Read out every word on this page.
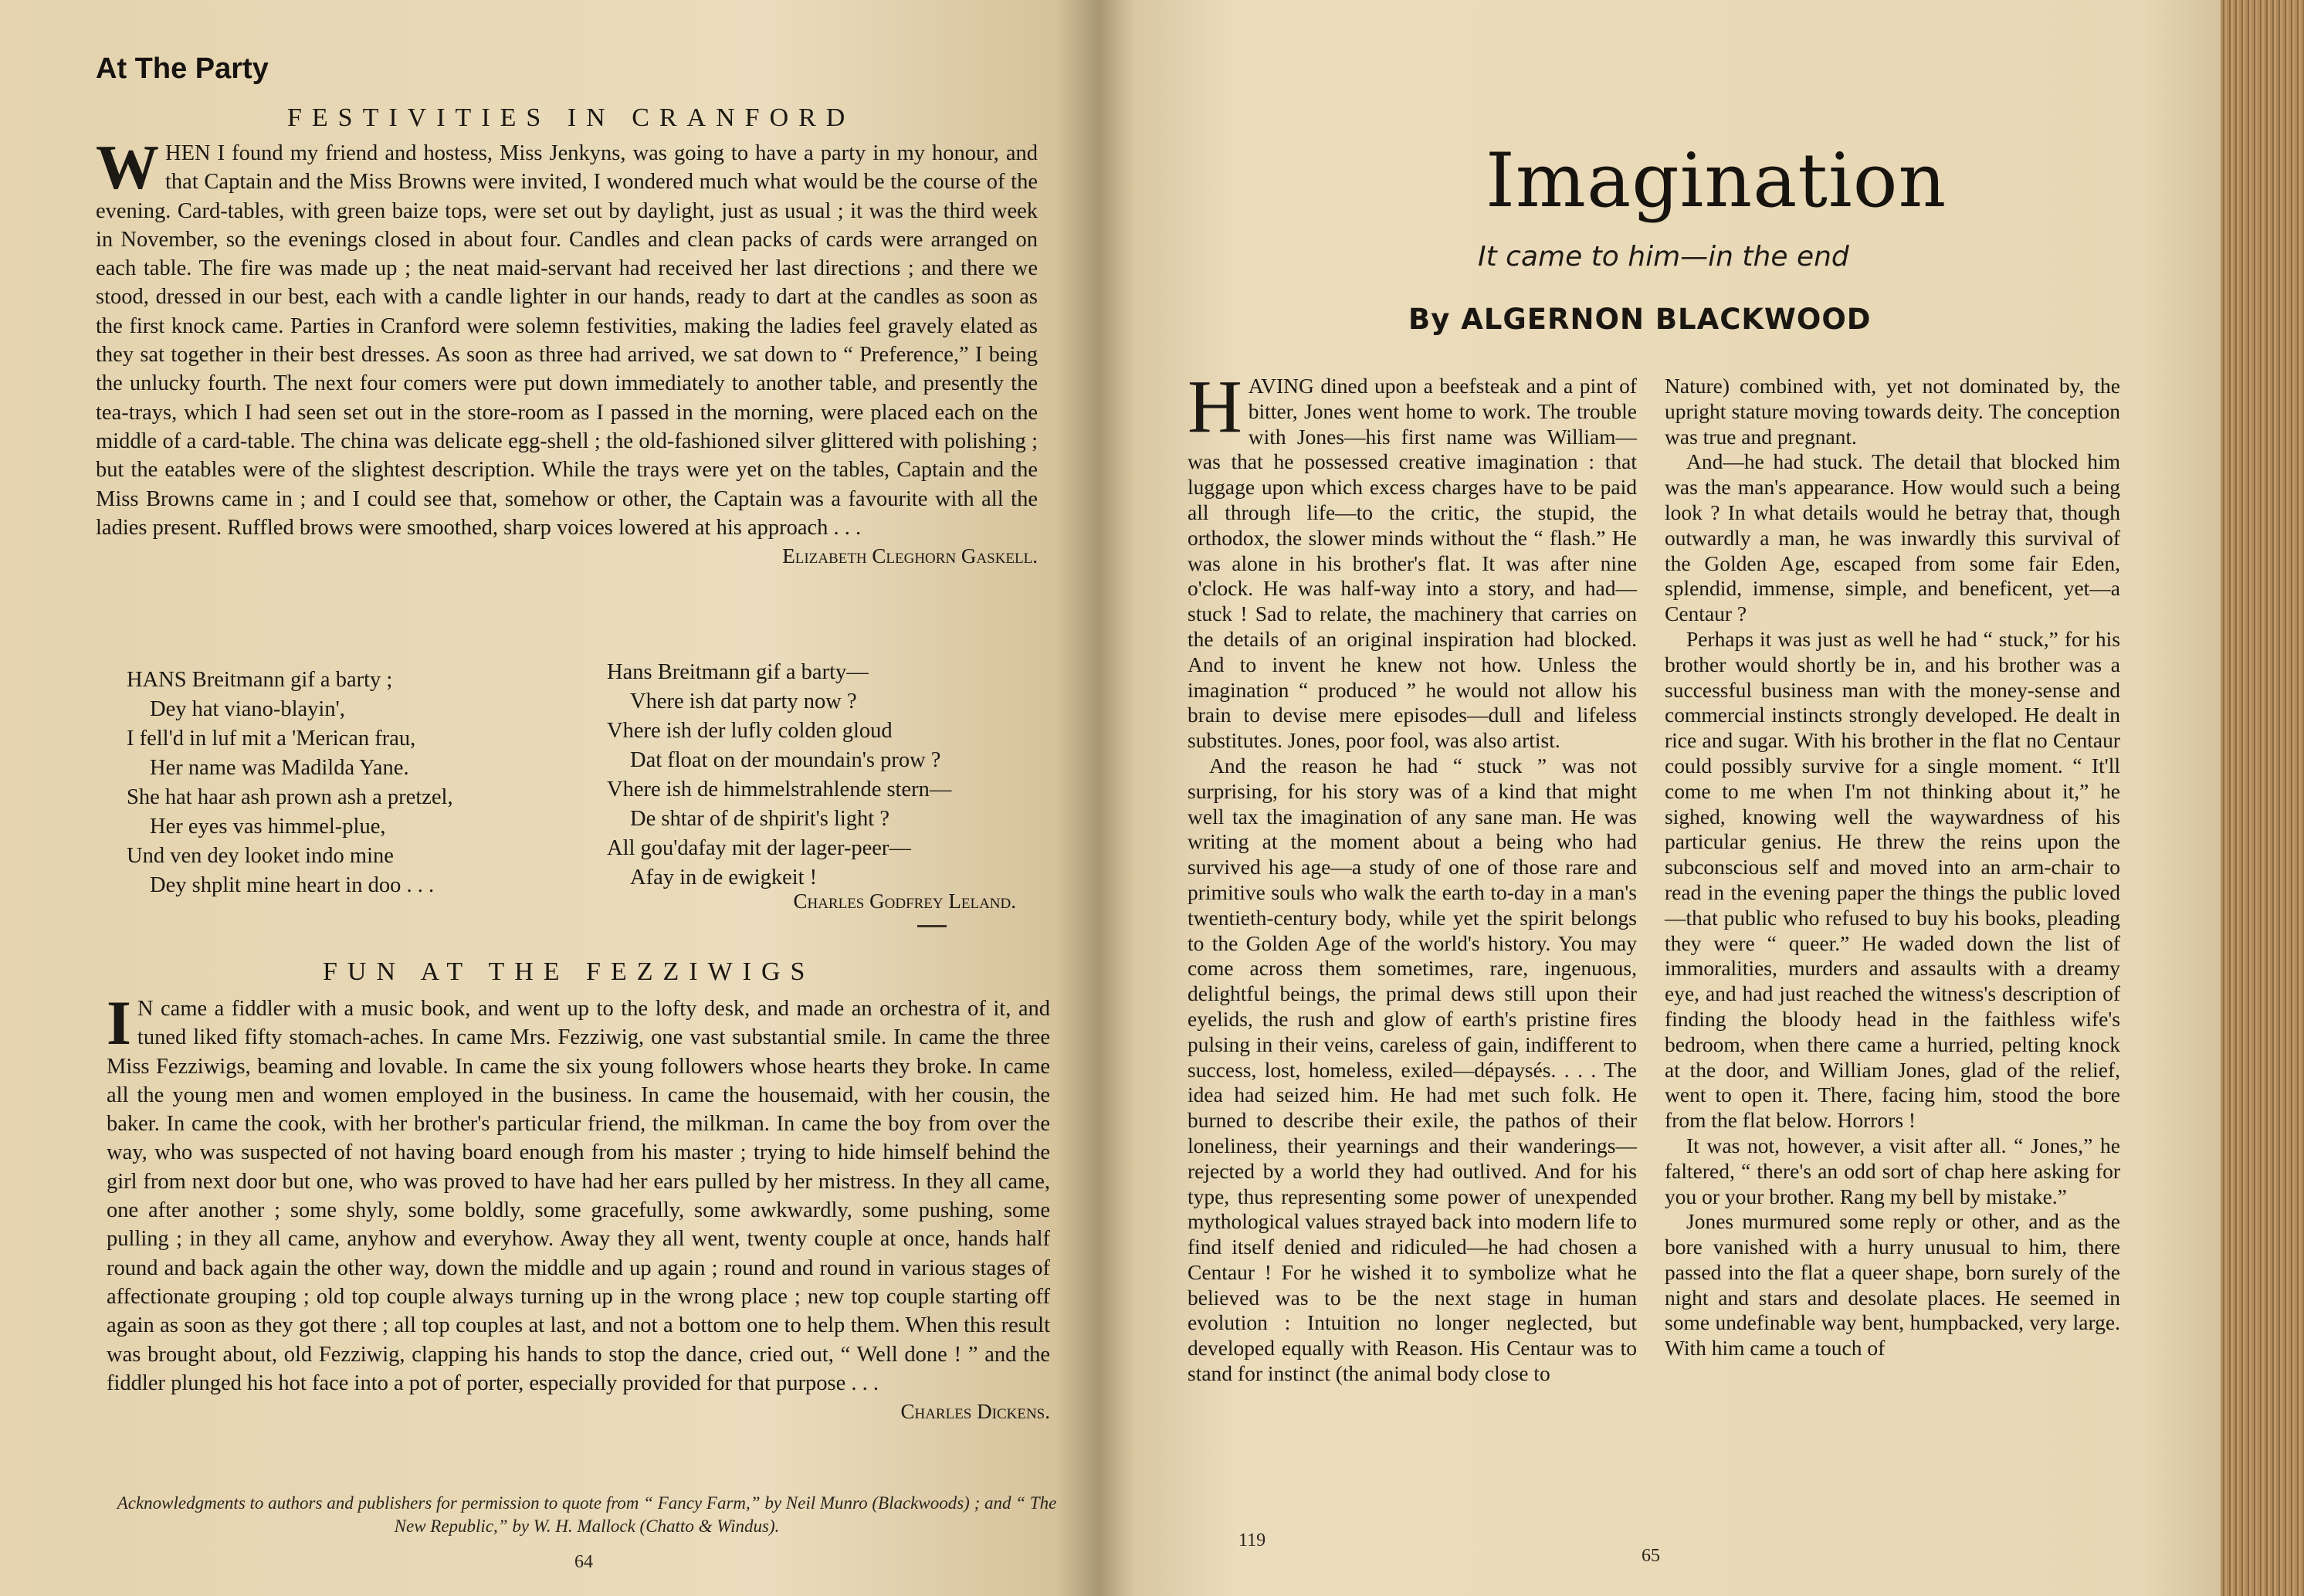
At The Party
FESTIVITIES IN CRANFORD

WHEN I found my friend and hostess, Miss Jenkyns, was going to have a party in my honour, and that Captain and the Miss Browns were invited, I wondered much what would be the course of the evening. Card-tables, with green baize tops, were set out by daylight, just as usual ; it was the third week in November, so the evenings closed in about four. Candles and clean packs of cards were arranged on each table. The fire was made up ; the neat maid-servant had received her last directions ; and there we stood, dressed in our best, each with a candle lighter in our hands, ready to dart at the candles as soon as the first knock came. Parties in Cranford were solemn festivities, making the ladies feel gravely elated as they sat together in their best dresses. As soon as three had arrived, we sat down to “ Preference,” I being the unlucky fourth. The next four comers were put down immediately to another table, and presently the tea-trays, which I had seen set out in the store-room as I passed in the morning, were placed each on the middle of a card-table. The china was delicate egg-shell ; the old-fashioned silver glittered with polishing ; but the eatables were of the slightest description. While the trays were yet on the tables, Captain and the Miss Browns came in ; and I could see that, somehow or other, the Captain was a favourite with all the ladies present. Ruffled brows were smoothed, sharp voices lowered at his approach . . .

Elizabeth Cleghorn Gaskell.
HANS Breitmann gif a barty ;
Dey hat viano-blayin',
I fell'd in luf mit a 'Merican frau,
Her name was Madilda Yane.
She hat haar ash prown ash a pretzel,
Her eyes vas himmel-plue,
Und ven dey looket indo mine
Dey shplit mine heart in doo . . .
Hans Breitmann gif a barty—
Vhere ish dat party now ?
Vhere ish der lufly colden gloud
Dat float on der moundain's prow ?
Vhere ish de himmelstrahlende stern—
De shtar of de shpirit's light ?
All gou'dafay mit der lager-peer—
Afay in de ewigkeit !
Charles Godfrey Leland.
FUN AT THE FEZZIWIGS

I N came a fiddler with a music book, and went up to the lofty desk, and made an orchestra of it, and tuned liked fifty stomach-aches. In came Mrs. Fezziwig, one vast substantial smile. In came the three Miss Fezziwigs, beaming and lovable. In came the six young followers whose hearts they broke. In came all the young men and women employed in the business. In came the housemaid, with her cousin, the baker. In came the cook, with her brother's particular friend, the milkman. In came the boy from over the way, who was suspected of not having board enough from his master ; trying to hide himself behind the girl from next door but one, who was proved to have had her ears pulled by her mistress. In they all came, one after another ; some shyly, some boldly, some gracefully, some awkwardly, some pushing, some pulling ; in they all came, anyhow and everyhow. Away they all went, twenty couple at once, hands half round and back again the other way, down the middle and up again ; round and round in various stages of affectionate grouping ; old top couple always turning up in the wrong place ; new top couple starting off again as soon as they got there ; all top couples at last, and not a bottom one to help them. When this result was brought about, old Fezziwig, clapping his hands to stop the dance, cried out, “ Well done ! ” and the fiddler plunged his hot face into a pot of porter, especially provided for that purpose . . .

Charles Dickens.
Acknowledgments to authors and publishers for permission to quote from “ Fancy Farm,” by Neil Munro (Blackwoods) ; and “ The New Republic,” by W. H. Mallock (Chatto & Windus).
64
Imagination
It came to him—in the end
By ALGERNON BLACKWOOD

HAVING dined upon a beefsteak and a pint of bitter, Jones went home to work. The trouble with Jones—his first name was William—was that he possessed creative imagination : that luggage upon which excess charges have to be paid all through life—to the critic, the stupid, the orthodox, the slower minds without the “ flash.” He was alone in his brother's flat. It was after nine o'clock. He was half-way into a story, and had—stuck ! Sad to relate, the machinery that carries on the details of an original inspiration had blocked. And to invent he knew not how. Unless the imagination “ produced ” he would not allow his brain to devise mere episodes—dull and lifeless substitutes. Jones, poor fool, was also artist.

And the reason he had “ stuck ” was not surprising, for his story was of a kind that might well tax the imagination of any sane man. He was writing at the moment about a being who had survived his age—a study of one of those rare and primitive souls who walk the earth to-day in a man's twentieth-century body, while yet the spirit belongs to the Golden Age of the world's history. You may come across them sometimes, rare, ingenuous, delightful beings, the primal dews still upon their eyelids, the rush and glow of earth's pristine fires pulsing in their veins, careless of gain, indifferent to success, lost, homeless, exiled—dépaysés. . . . The idea had seized him. He had met such folk. He burned to describe their exile, the pathos of their loneliness, their yearnings and their wanderings—rejected by a world they had outlived. And for his type, thus representing some power of unexpended mythological values strayed back into modern life to find itself denied and ridiculed—he had chosen a Centaur ! For he wished it to symbolize what he believed was to be the next stage in human evolution : Intuition no longer neglected, but developed equally with Reason. His Centaur was to stand for instinct (the animal body close to

Nature) combined with, yet not dominated by, the upright stature moving towards deity. The conception was true and pregnant.

And—he had stuck. The detail that blocked him was the man's appearance. How would such a being look ? In what details would he betray that, though outwardly a man, he was inwardly this survival of the Golden Age, escaped from some fair Eden, splendid, immense, simple, and beneficent, yet—a Centaur ?

Perhaps it was just as well he had “ stuck,” for his brother would shortly be in, and his brother was a successful business man with the money-sense and commercial instincts strongly developed. He dealt in rice and sugar. With his brother in the flat no Centaur could possibly survive for a single moment. “ It'll come to me when I'm not thinking about it,” he sighed, knowing well the waywardness of his particular genius. He threw the reins upon the subconscious self and moved into an arm-chair to read in the evening paper the things the public loved—that public who refused to buy his books, pleading they were “ queer.” He waded down the list of immoralities, murders and assaults with a dreamy eye, and had just reached the witness's description of finding the bloody head in the faithless wife's bedroom, when there came a hurried, pelting knock at the door, and William Jones, glad of the relief, went to open it. There, facing him, stood the bore from the flat below. Horrors !

It was not, however, a visit after all. “ Jones,” he faltered, “ there's an odd sort of chap here asking for you or your brother. Rang my bell by mistake.”

Jones murmured some reply or other, and as the bore vanished with a hurry unusual to him, there passed into the flat a queer shape, born surely of the night and stars and desolate places. He seemed in some undefinable way bent, humpbacked, very large. With him came a touch of

119
65
